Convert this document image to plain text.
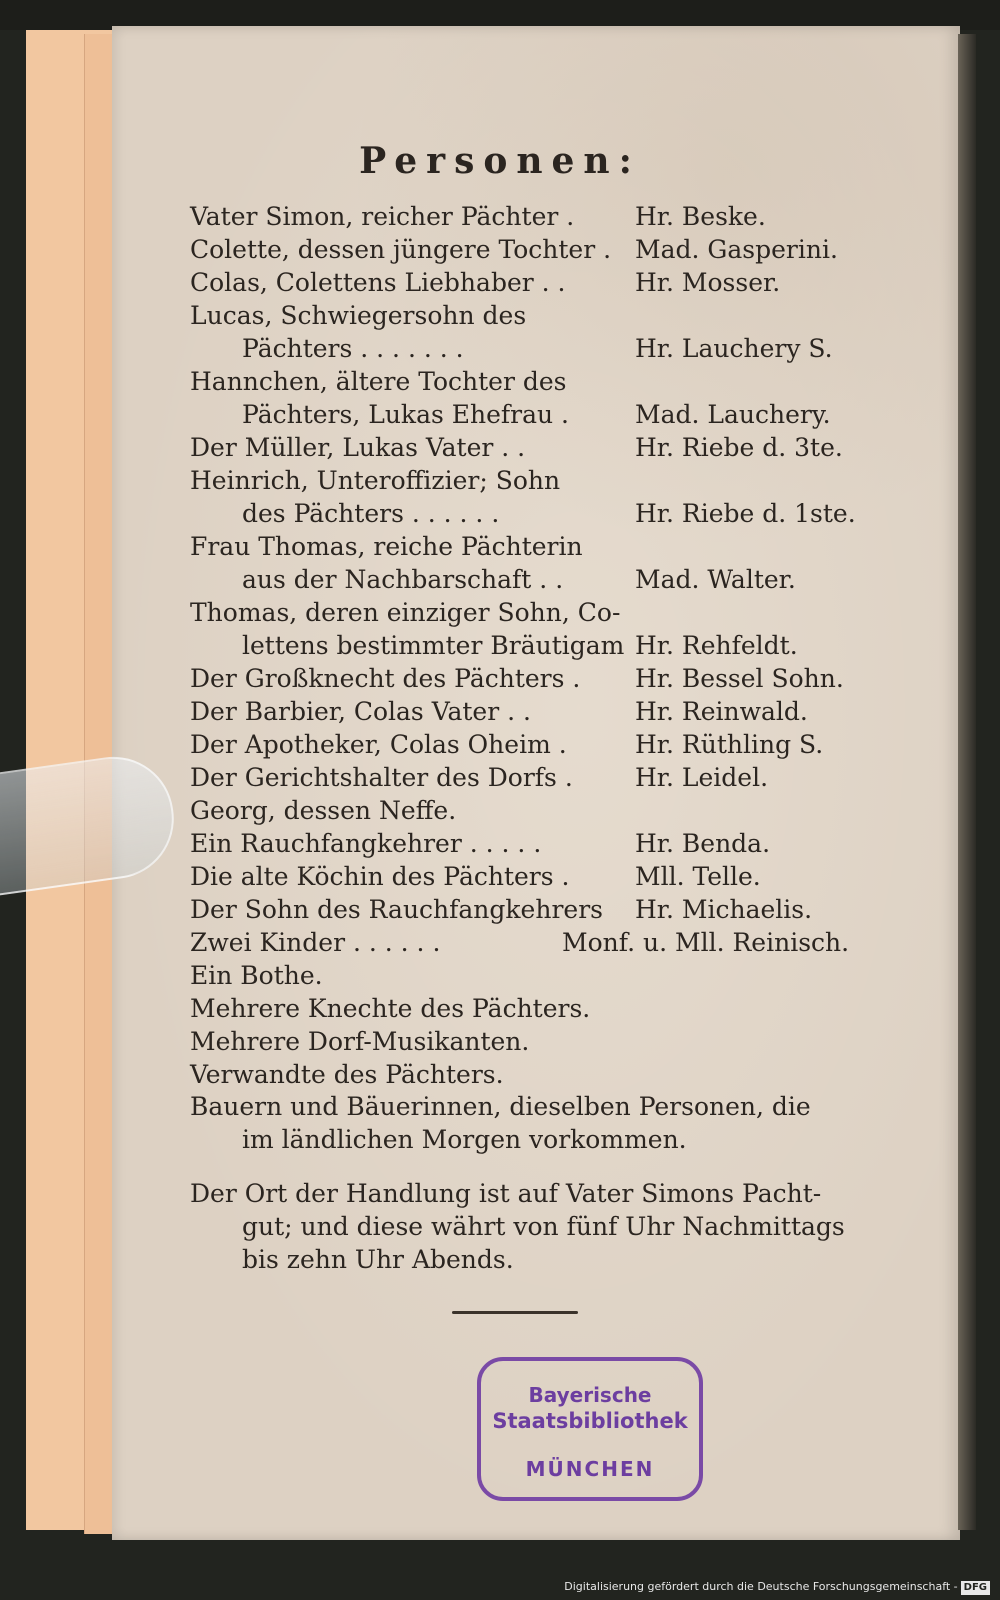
Personen:
Vater Simon, reicher Pächter . Hr. Beske.
Colette, dessen jüngere Tochter . Mad. Gasperini.
Colas, Colettens Liebhaber . .	Hr. Mosser.
Lucas, Schwiegersohn des
Pächters . . . . . . .	Hr. Lauchery S.
Hannchen, ältere Tochter des
Pächters, Lukas Ehefrau .	Mad. Lauchery.
Der Müller, Lukas Vater . .	Hr. Riebe d. 3te.
Heinrich, Unteroffizier; Sohn
des Pächters . . . . . .	Hr. Riebe d. 1ste.
Frau Thomas, reiche Pächterin
aus der Nachbarschaft . .	Mad. Walter.
Thomas, deren einziger Sohn, Co-
lettens bestimmter Bräutigam Hr. Rehfeldt.
Der Großknecht des Pächters . Hr. Bessel Sohn.
Der Barbier, Colas Vater . .	Hr. Reinwald.
Der Apotheker, Colas Oheim .	Hr. Rüthling S.
Der Gerichtshalter des Dorfs . Hr. Leidel.
Georg, dessen Neffe.
Ein Rauchfangkehrer . . . . .	Hr. Benda.
Die alte Köchin des Pächters .	Mll. Telle.
Der Sohn des Rauchfangkehrers Hr. Michaelis.
Zwei Kinder . . . . . .	Monf. u. Mll. Reinisch.
Ein Bothe.
Mehrere Knechte des Pächters.
Mehrere Dorf-Musikanten.
Verwandte des Pächters.

Bauern und Bäuerinnen, dieselben Personen, die

im ländlichen Morgen vorkommen.

Der Ort der Handlung ist auf Vater Simons Pacht-

gut; und diese währt von fünf Uhr Nachmittags

bis zehn Uhr Abends.

Bayerische
Staatsbibliothek
MÜNCHEN
Digitalisierung gefördert durch die Deutsche Forschungsgemeinschaft - DFG
